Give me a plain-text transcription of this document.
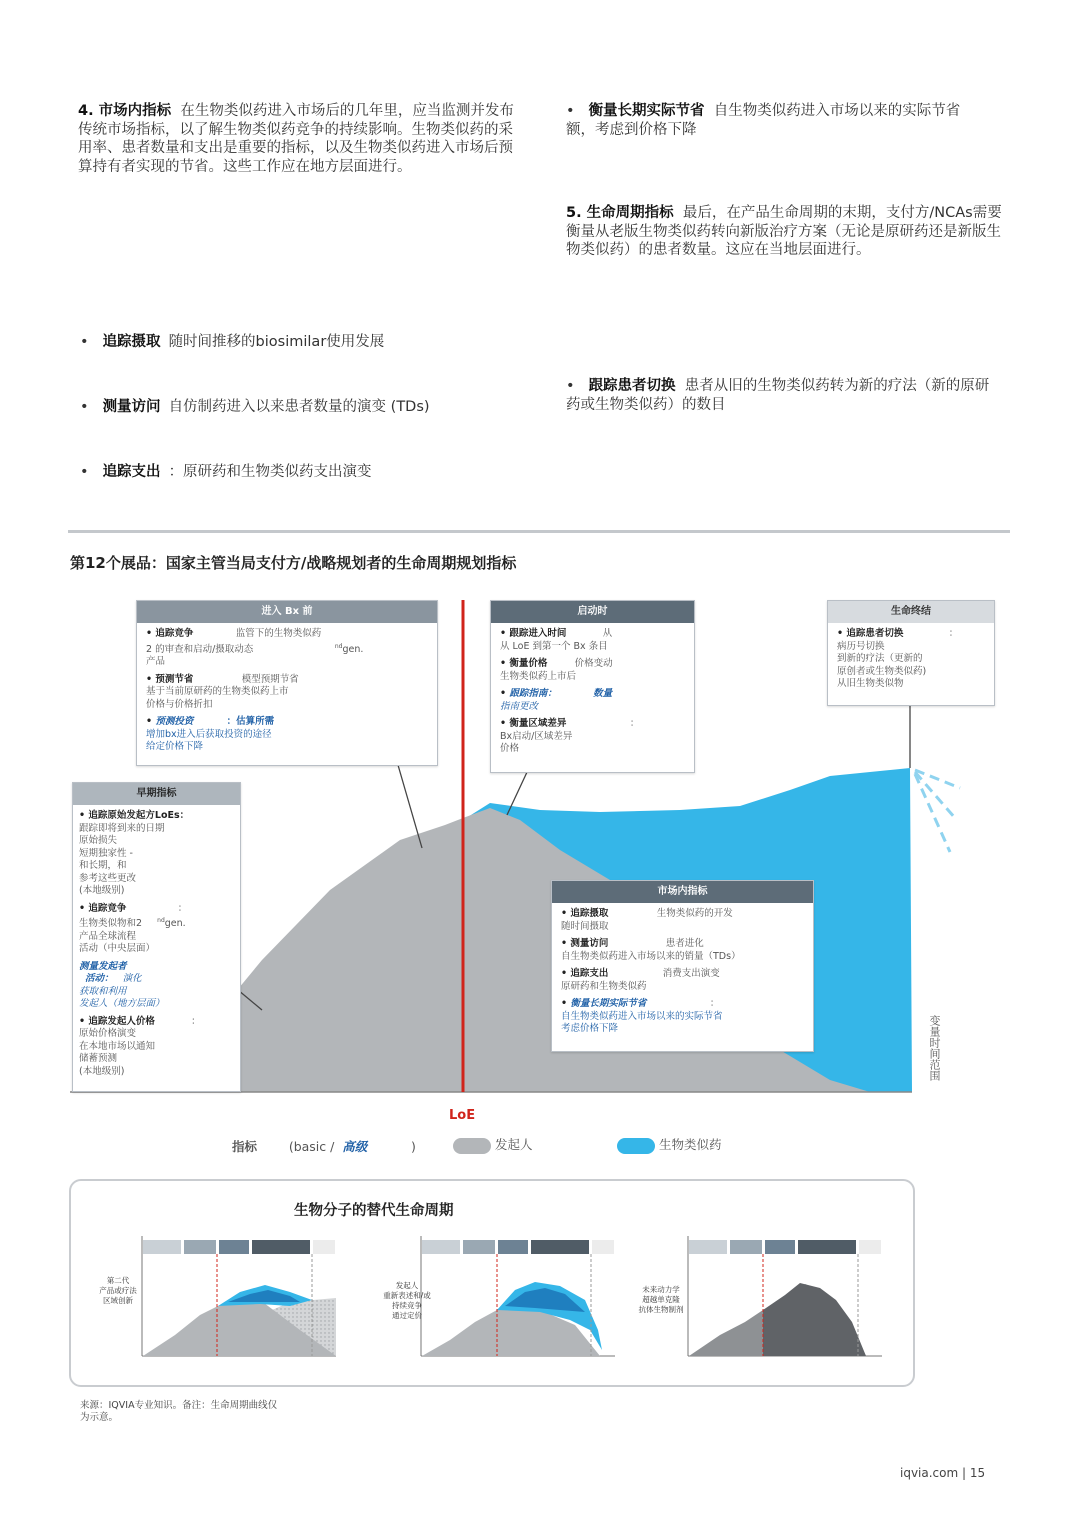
4. 市场内指标 在生物类似药进入市场后的几年里，应当监测并发布传统市场指标，以了解生物类似药竞争的持续影响。生物类似药的采用率、患者数量和支出是重要的指标，以及生物类似药进入市场后预算持有者实现的节省。这些工作应在地方层面进行。
• 衡量长期实际节省 自生物类似药进入市场以来的实际节省额，考虑到价格下降
5. 生命周期指标 最后，在产品生命周期的末期，支付方/NCAs需要衡量从老版生物类似药转向新版治疗方案（无论是原研药还是新版生物类似药）的患者数量。这应在当地层面进行。
• 追踪摄取 随时间推移的biosimilar使用发展
• 测量访问 自仿制药进入以来患者数量的演变 (TDs)
• 追踪支出 ：原研药和生物类似药支出演变
• 跟踪患者切换 患者从旧的生物类似药转为新的疗法（新的原研药或生物类似药）的数目
第12个展品：国家主管当局支付方/战略规划者的生命周期规划指标
变量时间范围
LoE
进入 Bx 前
• 追踪竞争	监管下的生物类似药
2 的审查和启动/摄取动态	$^{nd}$gen.
产品
• 预测节省	模型预期节省
基于当前原研药的生物类似药上市
价格与价格折扣
• 预测投资	：估算所需
增加bx进入后获取投资的途径
给定价格下降
启动时
• 跟踪进入时间	从
从 LoE 到第一个 Bx 条目
• 衡量价格	价格变动
生物类似药上市后
• 跟踪指南：	数量
指南更改
• 衡量区域差异	：
Bx启动/区域差异
价格
生命终结
• 追踪患者切换	：
病历号切换
到新的疗法（更新的
原创者或生物类似药)
从旧生物类似物
早期指标
• 追踪原始发起方LoEs：
跟踪即将到来的日期
原始损失
短期独家性 -
和长期，和
参考这些更改
(本地级别)
• 追踪竞争	：
生物类似物和2	$^{nd}$gen.
产品全球流程
活动（中央层面）
测量发起者
活动： 演化
获取和利用
发起人（地方层面）
• 追踪发起人价格	：
原始价格演变
在本地市场以通知
储蓄预测
(本地级别)
市场内指标
• 追踪摄取	生物类似药的开发
随时间摄取
• 测量访问	患者进化
自生物类似药进入市场以来的销量（TDs）
• 追踪支出	消费支出演变
原研药和生物类似药
• 衡量长期实际节省	：
自生物类似药进入市场以来的实际节省
考虑价格下降
指标	(basic / 高级	)	发起人	生物类似药
生物分子的替代生命周期
第二代
产品或疗法
区域创新
发起人
重新表述和/或
持续竞争
通过定价
未来动力学
超越单克隆
抗体生物制剂
来源：IQVIA专业知识。备注：生命周期曲线仅
为示意。
iqvia.com | 15
